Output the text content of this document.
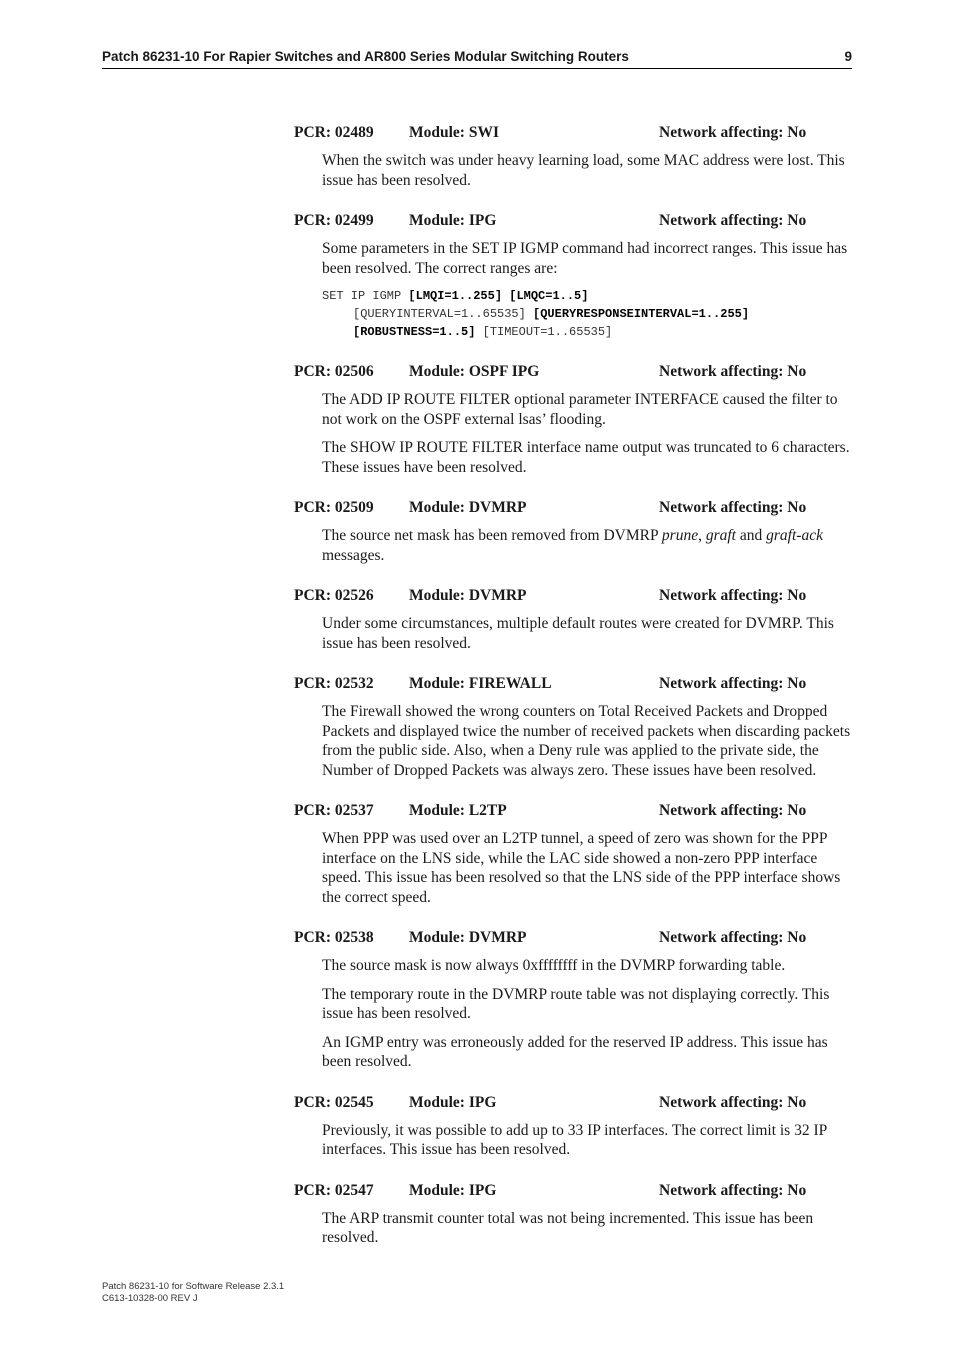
Patch 86231-10 For Rapier Switches and AR800 Series Modular Switching Routers	9
PCR: 02489 Module: SWI	Network affecting: No

When the switch was under heavy learning load, some MAC address were lost. This issue has been resolved.

PCR: 02499 Module: IPG	Network affecting: No

Some parameters in the SET IP IGMP command had incorrect ranges. This issue has been resolved. The correct ranges are:

SET IP IGMP [LMQI=1..255] [LMQC=1..5]
[QUERYINTERVAL=1..65535] [QUERYRESPONSEINTERVAL=1..255]
[ROBUSTNESS=1..5] [TIMEOUT=1..65535]
PCR: 02506 Module: OSPF IPG	Network affecting: No

The ADD IP ROUTE FILTER optional parameter INTERFACE caused the filter to not work on the OSPF external lsas’ flooding.

The SHOW IP ROUTE FILTER interface name output was truncated to 6 characters. These issues have been resolved.

PCR: 02509 Module: DVMRP	Network affecting: No

The source net mask has been removed from DVMRP prune, graft and graft-ack messages.

PCR: 02526 Module: DVMRP	Network affecting: No

Under some circumstances, multiple default routes were created for DVMRP. This issue has been resolved.

PCR: 02532 Module: FIREWALL	Network affecting: No

The Firewall showed the wrong counters on Total Received Packets and Dropped Packets and displayed twice the number of received packets when discarding packets from the public side. Also, when a Deny rule was applied to the private side, the Number of Dropped Packets was always zero. These issues have been resolved.

PCR: 02537 Module: L2TP	Network affecting: No

When PPP was used over an L2TP tunnel, a speed of zero was shown for the PPP interface on the LNS side, while the LAC side showed a non-zero PPP interface speed. This issue has been resolved so that the LNS side of the PPP interface shows the correct speed.

PCR: 02538 Module: DVMRP	Network affecting: No

The source mask is now always 0xffffffff in the DVMRP forwarding table.

The temporary route in the DVMRP route table was not displaying correctly. This issue has been resolved.

An IGMP entry was erroneously added for the reserved IP address. This issue has been resolved.

PCR: 02545 Module: IPG	Network affecting: No

Previously, it was possible to add up to 33 IP interfaces. The correct limit is 32 IP interfaces. This issue has been resolved.

PCR: 02547 Module: IPG	Network affecting: No

The ARP transmit counter total was not being incremented. This issue has been resolved.

Patch 86231-10 for Software Release 2.3.1
C613-10328-00 REV J
